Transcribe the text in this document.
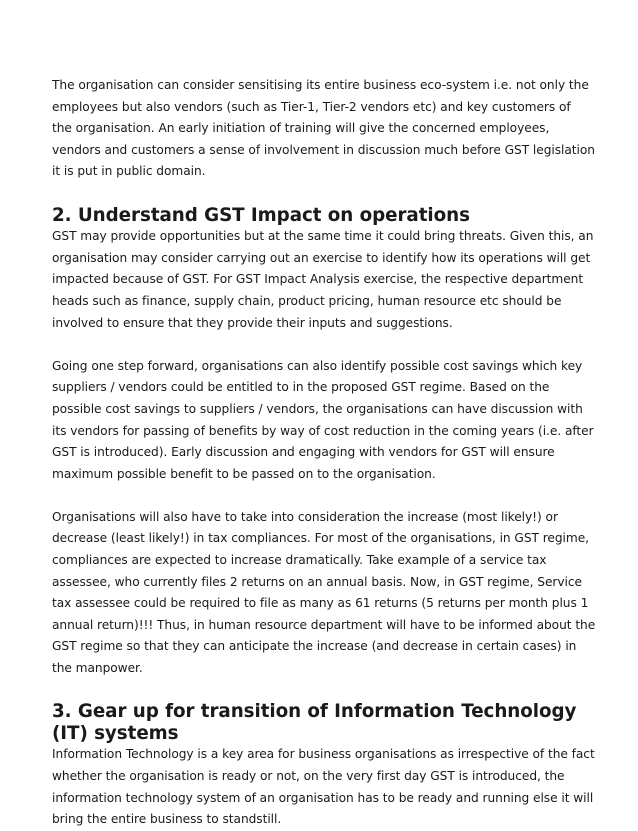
The organisation can consider sensitising its entire business eco-system i.e. not only the
employees but also vendors (such as Tier-1, Tier-2 vendors etc) and key customers of
the organisation. An early initiation of training will give the concerned employees,
vendors and customers a sense of involvement in discussion much before GST legislation
it is put in public domain.

2. Understand GST Impact on operations

GST may provide opportunities but at the same time it could bring threats. Given this, an
organisation may consider carrying out an exercise to identify how its operations will get
impacted because of GST. For GST Impact Analysis exercise, the respective department
heads such as finance, supply chain, product pricing, human resource etc should be
involved to ensure that they provide their inputs and suggestions.

Going one step forward, organisations can also identify possible cost savings which key
suppliers / vendors could be entitled to in the proposed GST regime. Based on the
possible cost savings to suppliers / vendors, the organisations can have discussion with
its vendors for passing of benefits by way of cost reduction in the coming years (i.e. after
GST is introduced). Early discussion and engaging with vendors for GST will ensure
maximum possible benefit to be passed on to the organisation.

Organisations will also have to take into consideration the increase (most likely!) or
decrease (least likely!) in tax compliances. For most of the organisations, in GST regime,
compliances are expected to increase dramatically. Take example of a service tax
assessee, who currently files 2 returns on an annual basis. Now, in GST regime, Service
tax assessee could be required to file as many as 61 returns (5 returns per month plus 1
annual return)!!! Thus, in human resource department will have to be informed about the
GST regime so that they can anticipate the increase (and decrease in certain cases) in
the manpower.

3. Gear up for transition of Information Technology (IT) systems

Information Technology is a key area for business organisations as irrespective of the fact
whether the organisation is ready or not, on the very first day GST is introduced, the
information technology system of an organisation has to be ready and running else it will
bring the entire business to standstill.
